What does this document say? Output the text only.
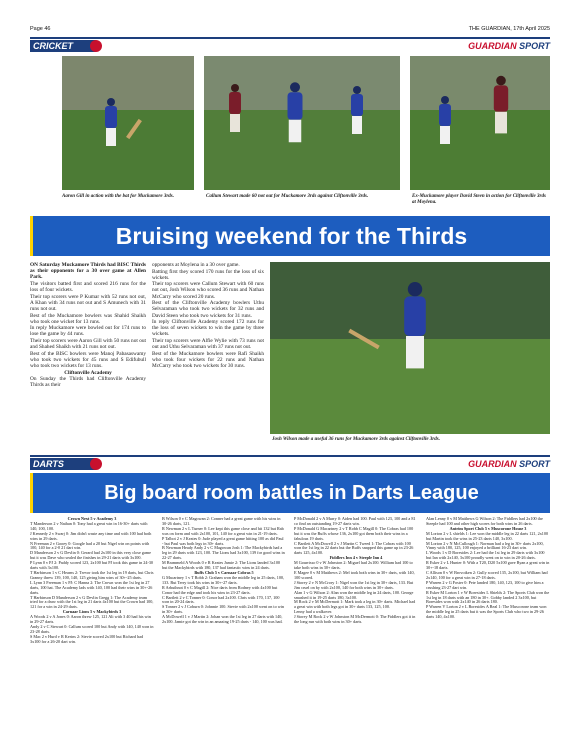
Page 46	THE GUARDIAN, 17th April 2025
CRICKET	GUARDIAN SPORT
Aaron Gill in action with the bat for Muckamore 3rds.	Callum Stewart made 60 not out for Muckamore 3rds against Cliftonville 3rds.	Ex-Muckamore player David Steen in action for Cliftonville 3rds at Moylena.
Bruising weekend for the Thirds

ON Saturday Muckamore Thirds had BISC Thirds as their opponents for a 30 over game at Allen Park.

The visitors batted first and scored 216 runs for the loss of four wickets.

Their top scorers were P Kumar with 52 runs not out, A Khan with 34 runs not out and S Amunech with 31 runs not out.

Best of the Muckamore bowlers was Shahid Shaikh who took one wicket for 13 runs.

In reply Muckamore were bowled out for 174 runs to lose the game by 44 runs.

Their top scorers were Aaron Gill with 50 runs not out and Shahed Shaikh with 21 runs not out.

Best of the BISC bowlers were Manoj Pabasaswamy who took two wickets for 45 runs and S Edifubull who took two wickets for 13 runs.

Cliftonville Academy

On Sunday the Thirds had Cliftonville Academy Thirds as their

opponents at Moylena in a 30 over game.

Batting first they scored 170 runs for the loss of six wickets.

Their top scorers were Callum Stewart with 60 runs not out, Josh Wilson who scored 36 runs and Nathan McCarry who scored 20 runs.

Best of the Cliftonville Academy bowlers Uthu Selvaraman who took two wickets for 32 runs and David Steen who took two wickets for 31 runs.

In reply Cliftonville Academy scored 172 runs for the loss of seven wickets to win the game by three wickets.

Their top scorers were Alfie Wylie with 73 runs not out and Uthu Selvaraman with 37 runs not out.

Best of the Muckamore bowlers were Rafi Shaikh who took four wickets for 22 runs and Nathan McCarry who took two wickets for 30 runs.

Josh Wilson made a useful 36 runs for Muckamore 3rds against Cliftonville 3rds.
DARTS	GUARDIAN SPORT
Big board room battles in Darts League

Crown Next 5 v Academy 3

T Manderson 2 v Nathan 0: Tony had a great win in 16-30+ darts with 140, 100, 100.

J Kennedy 2 v Swarj 0: Jim didn't waste any time and with 100 had both wins in 29 darts.

N Freeman 2 v Gooey 0: Google had a 20 but Nigel win on points with 100, 140 for a 2-0 21 dart win.

D Manderson 2 v G Devlin 0: Gerard had 2x100 in this very close game but it was Dave who sealed the finishes in 29-21 darts with 3x100.

P Lynn 0 v PJ 2: Paddy scored 123, 2x100 but PJ took this game in 24-30 darts with 3x100.

T Harbinson 1 v C Hearns 2: Trevor took the 1st leg in 19 darts, but Chris Granny threw 139, 100, 140, 125 giving him wins of 30+-25 darts.

L Lynn 3 Freeman 1 v PJ: C Hanna 2: The Crown won the 1st leg in 27 darts, 100 hat. The Academy lads with 140, 100 had their wins in 30+-26 darts.

T Harbinson D Manderson 2 v G Devlin Gregg 1: The Academy team tried for a draw with the 1st leg in 21 darts 4x100 but the Crown had 100, 121 for a win in 24-29 darts.

Carnaar Lions 5 v Mackybirds 3

A Woods 2 v A Jones 0: Aaron threw 125, 121 Ali with 3 40 had his win in 29-27 darts.

Andy 2 v C Stewart 0: Callum scored 100 but Andy with 140, 140 won in 23-28 darts.

S Mac 2 v Hurd v R Kerins 2: Stevie scored 2x100 but Richard had 3x100 for a 26-20 dart win.

B Wilson 0 v C Magowan 2: Conner had a great game with his wins in 30-26 darts, 121.

R Newman 2 v L Turner 0: Lee kept this game close and hit 132 but Rab was on form and with 2x100, 101, 140 for a great win in 21-19 darts.

P Talbot 2 v J Keates 0: Jude played a great game hitting 100 as did Paul - but Paul was both legs in 30+ darts.

B Newman Heady Andy 2 v C Magowan Josh 1: The Mackybirds had a leg in 29 darts with 123, 100. The Lions had 3x100, 139 for good wins in 22-27 darts.

M Brammeld A Woods 0 v R Keates Jamie 2: The Lions landed 3x100 but the Mackybirds with 180, 137 had fantastic wins in 24 darts.

Buffs Club 5 v Carnaar Cobras 5

G Macartney 1 v T Robb 2: Graham won the middle leg in 25 darts, 100, 133. But Terry took his wins in 30+-27 darts.

R Arbuthnot 0 v C Magill 2: Nice darts from Rodney with 4x100 but Conor had the edge and took his wins in 23-27 darts.

C Bartlett 2 v C Tonner 0: Conor had 2x100. Chris with 170, 137, 100 won in 20-24 darts.

S Tonner 2 v J Coburn 0: Johnnie 100. Stevie with 2x100 went on to win in 30+ darts.

A McDowell 1 v J Martin 2: Johan won the 1st leg in 27 darts with 140, 2x100. Jamie got the win in an amazing 19-25 darts - 140, 100 was had.

P McDonald 2 v A Murry 0: Aiden had 100. Paul with 123, 100 and a 81 co find an outstanding 19-27 darts win.

P McDonald G Macartney 2 v T Robb C Magill 0: The Cobras had 100 but it was the Buffs whose 136, 2x100 got them both their wins in a fabulous 19 darts.

C Bartlett A McDowell 2 v J Martin C Tweed 1: The Cobras with 100 won the 1st leg in 22 darts but the Buffs snapped this game up in 23-26 darts 125, 4x100.

Fiddlers Inn 4 v Steeple Inn 4

M Gourrisso 0 v W Johnston 2: Miguel had 2x100. William had 100 to take both wins in 30+ darts.

E Magee 0 v M Matthews 2: Mel took both wins in 30+ darts, with 140, 100 scored.

J Storey 2 v N McCrory 1: Nigel won the 1st leg in 30+ darts, 133. But Jim cruel on by with 2x100, 140 for both wins in 30+ darts.

Alan 1 v G Wilson 2: Alan won the middle leg in 24 darts, 100. George smashed it in 19-25 darts 180, 3x100.

M Rock 2 v M McDermott 1: Mark took a leg in 30+ darts. Michael had a great win with both legs got in 30+ darts 133, 125, 100.

Lenny had a walkover.

J Storey M Rock 2 v W Johnston M McDermott 0: The Fiddlers got it in the long run with both wins in 30+ darts.

Alan Lenny 0 v M Matthews G Wilson 2: The Fiddlers had 2x100 the Steeple had 100 and other high scores for both wins in 26 darts.

Antrim Sport Club 5 v Muscorone House 3

M Lorton 2 v L shields 1: Lee won the middle leg in 22 darts 121, 2x100 but Martin took the wins in 25-23 darts 140, 3x100.

M Lorton 2 v N McCullough 1: Norman had a leg in 30+ darts 2x100, Vinny with 180, 125, 100 enjoyed a brilliant 16-23 dart win.

L Woods 1 v D Boresides 2: Lee had the 1st leg in 29 darts with 3x100 but Ian with 2x140, 3x100 proudly went on to win in 20-26 darts.

R Esker 2 v L Hunter 0: With a T20, D20 5x100 gave Ryan a great win in 30+-18 darts.

C Allison 0 v W Brovoiken 2: Gully scored 135, 2x100, but William had 2x140, 100 for a great win in 27-18 darts.

P Warren 2 v G Foster 0: Pete landed 180, 140, 123, 100 to give him a crushing 23-27 dart win.

R Esker M Lorton 1 v W Boresides L Shields 2: The Sports Club won the 1st leg in 18 darts with an 180 in 30+. Gobby landed 2 3x100, but Boresides won with 2x140 in 26 darts 180.

P Warren V Lorton 2 v L Boresides A Beal 1: The Muscorone team won the middle leg in 25 darts but it was the Sports Club who two in 29-26 darts 140, 4x100.
